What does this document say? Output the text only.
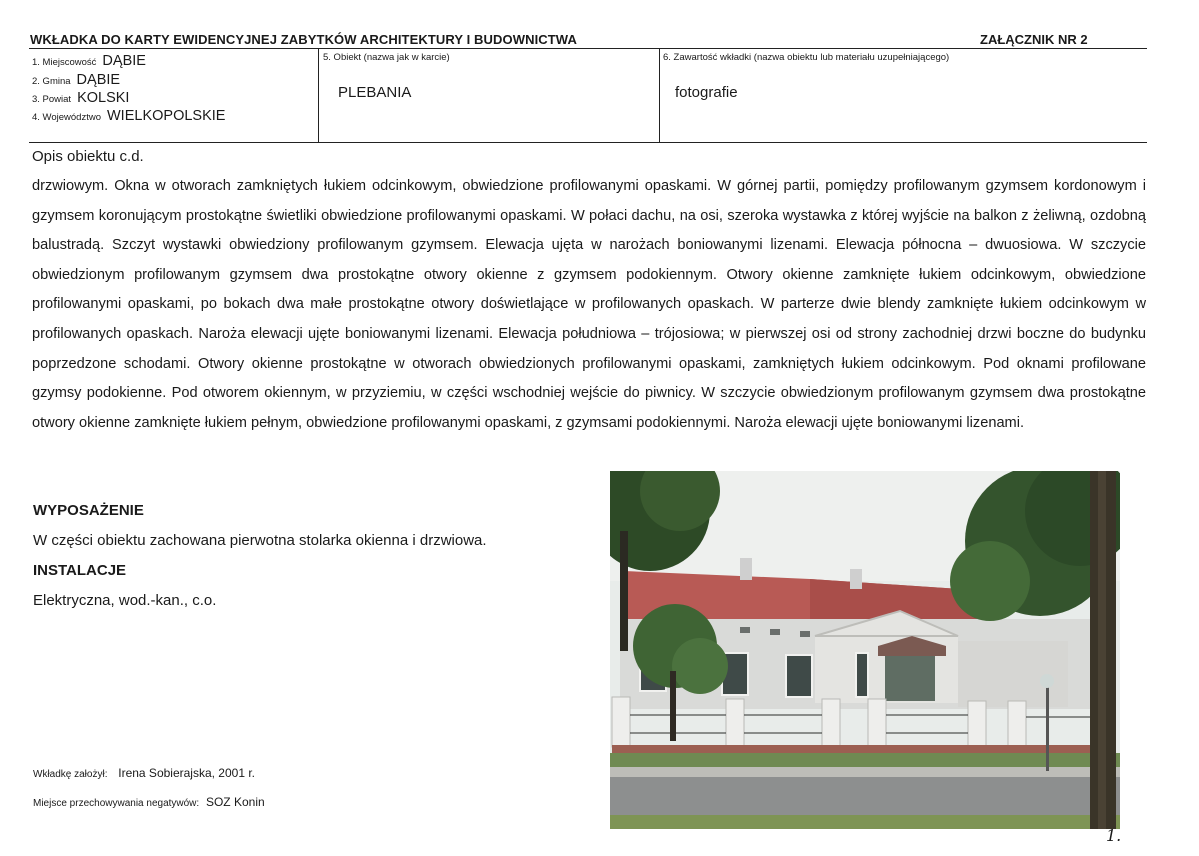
WKŁADKA DO KARTY EWIDENCYJNEJ ZABYTKÓW ARCHITEKTURY I BUDOWNICTWA	ZAŁĄCZNIK NR 2
1. Miejscowość DĄBIE
2. Gmina DĄBIE
3. Powiat KOLSKI
4. Województwo WIELKOPOLSKIE
5. Obiekt (nazwa jak w karcie)
PLEBANIA
6. Zawartość wkładki (nazwa obiektu lub materiału uzupełniającego)
fotografie
Opis obiektu c.d.
drzwiowym. Okna w otworach zamkniętych łukiem odcinkowym, obwiedzione profilowanymi opaskami. W górnej partii, pomiędzy profilowanym gzymsem kordonowym i gzymsem koronującym prostokątne świetliki obwiedzione profilowanymi opaskami. W połaci dachu, na osi, szeroka wystawka z której wyjście na balkon z żeliwną, ozdobną balustradą. Szczyt wystawki obwiedziony profilowanym gzymsem. Elewacja ujęta w narożach boniowanymi lizenami. Elewacja północna – dwuosiowa. W szczycie obwiedzionym profilowanym gzymsem dwa prostokątne otwory okienne z gzymsem podokiennym. Otwory okienne zamknięte łukiem odcinkowym, obwiedzione profilowanymi opaskami, po bokach dwa małe prostokątne otwory doświetlające w profilowanych opaskach. W parterze dwie blendy zamknięte łukiem odcinkowym w profilowanych opaskach. Naroża elewacji ujęte boniowanymi lizenami. Elewacja południowa – trójosiowa; w pierwszej osi od strony zachodniej drzwi boczne do budynku poprzedzone schodami. Otwory okienne prostokątne w otworach obwiedzionych profilowanymi opaskami, zamkniętych łukiem odcinkowym. Pod oknami profilowane gzymsy podokienne. Pod otworem okiennym, w przyziemiu, w części wschodniej wejście do piwnicy. W szczycie obwiedzionym profilowanym gzymsem dwa prostokątne otwory okienne zamknięte łukiem pełnym, obwiedzione profilowanymi opaskami, z gzymsami podokiennymi. Naroża elewacji ujęte boniowanymi lizenami.
WYPOSAŻENIE
W części obiektu zachowana pierwotna stolarka okienna i drzwiowa.
INSTALACJE
Elektryczna, wod.-kan., c.o.
Wkładkę założył: Irena Sobierajska, 2001 r.
Miejsce przechowywania negatywów: SOZ Konin
1.
